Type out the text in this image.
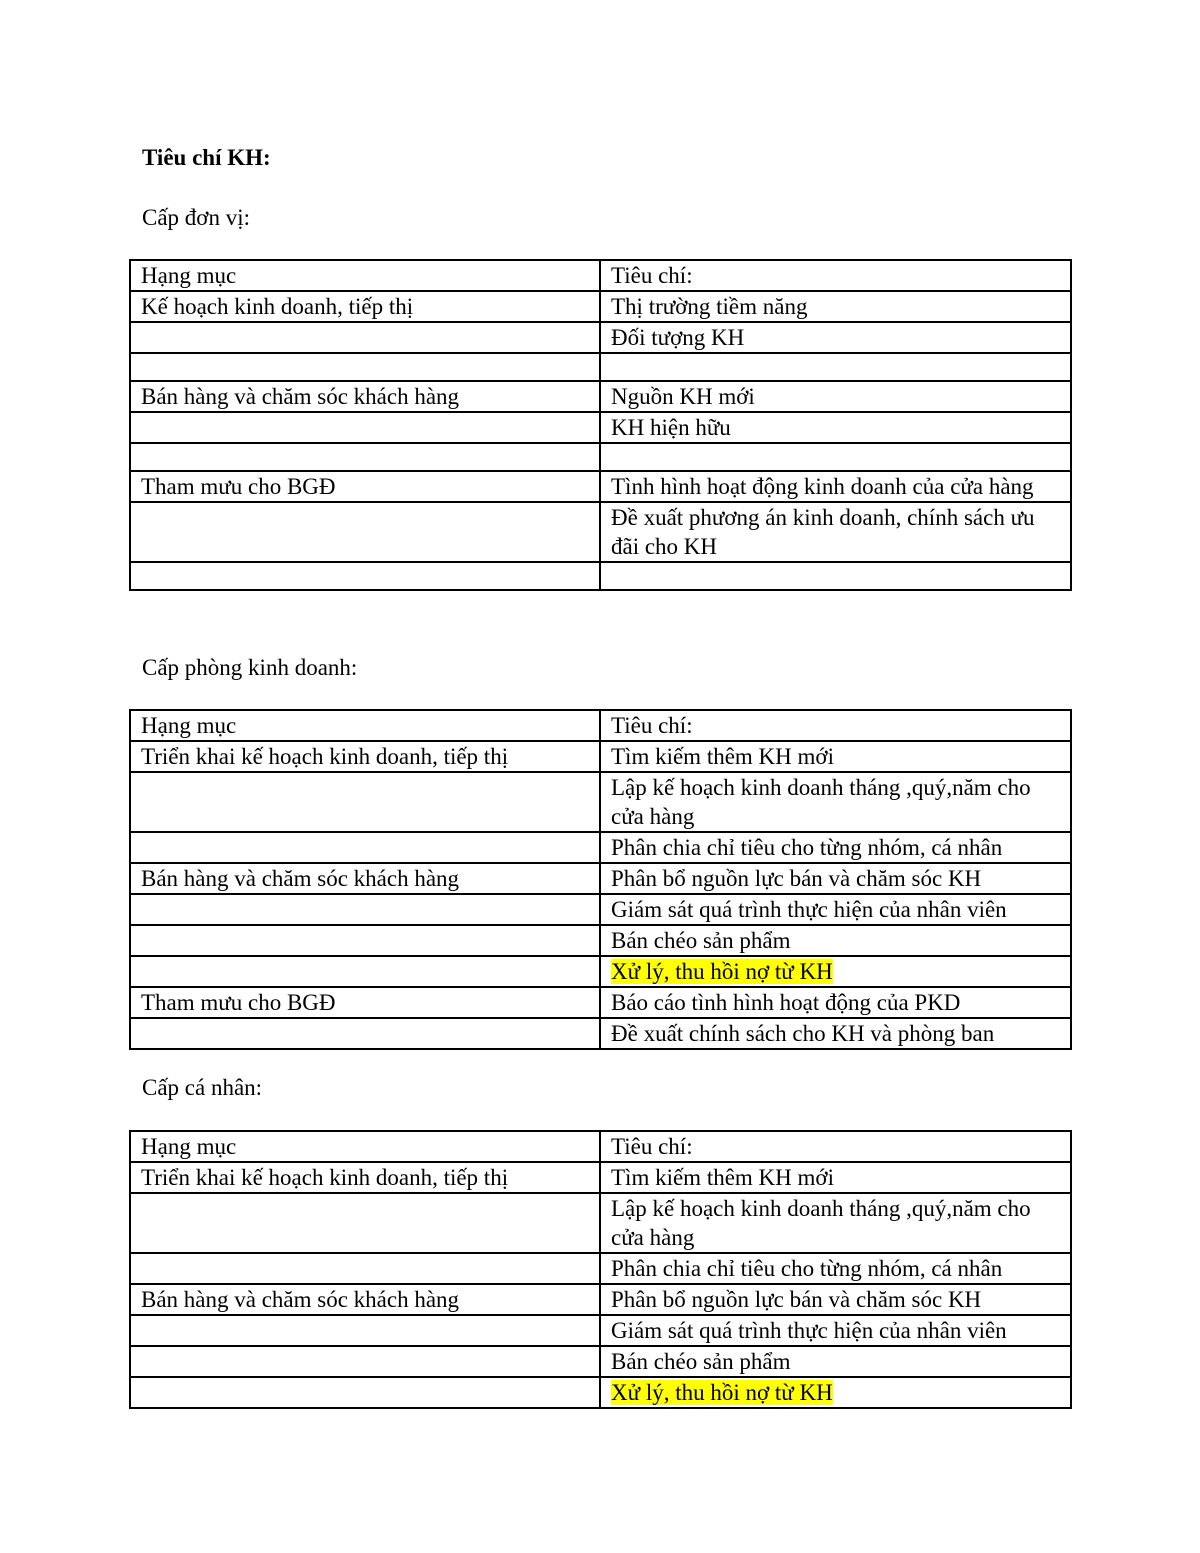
Tiêu chí KH:
Cấp đơn vị:
Hạng mục	Tiêu chí:
Kế hoạch kinh doanh, tiếp thị	Thị trường tiềm năng
	Đối tượng KH

Bán hàng và chăm sóc khách hàng	Nguồn KH mới
	KH hiện hữu

Tham mưu cho BGĐ	Tình hình hoạt động kinh doanh của cửa hàng
	Đề xuất phương án kinh doanh, chính sách ưu đãi cho KH

Cấp phòng kinh doanh:
Hạng mục	Tiêu chí:
Triển khai kế hoạch kinh doanh, tiếp thị	Tìm kiếm thêm KH mới
	Lập kế hoạch kinh doanh tháng ,quý,năm cho cửa hàng
	Phân chia chỉ tiêu cho từng nhóm, cá nhân
Bán hàng và chăm sóc khách hàng	Phân bổ nguồn lực bán và chăm sóc KH
	Giám sát quá trình thực hiện của nhân viên
	Bán chéo sản phẩm
	Xử lý, thu hồi nợ từ KH
Tham mưu cho BGĐ	Báo cáo tình hình hoạt động của PKD
	Đề xuất chính sách cho KH và phòng ban
Cấp cá nhân:
Hạng mục	Tiêu chí:
Triển khai kế hoạch kinh doanh, tiếp thị	Tìm kiếm thêm KH mới
	Lập kế hoạch kinh doanh tháng ,quý,năm cho cửa hàng
	Phân chia chỉ tiêu cho từng nhóm, cá nhân
Bán hàng và chăm sóc khách hàng	Phân bổ nguồn lực bán và chăm sóc KH
	Giám sát quá trình thực hiện của nhân viên
	Bán chéo sản phẩm
	Xử lý, thu hồi nợ từ KH
